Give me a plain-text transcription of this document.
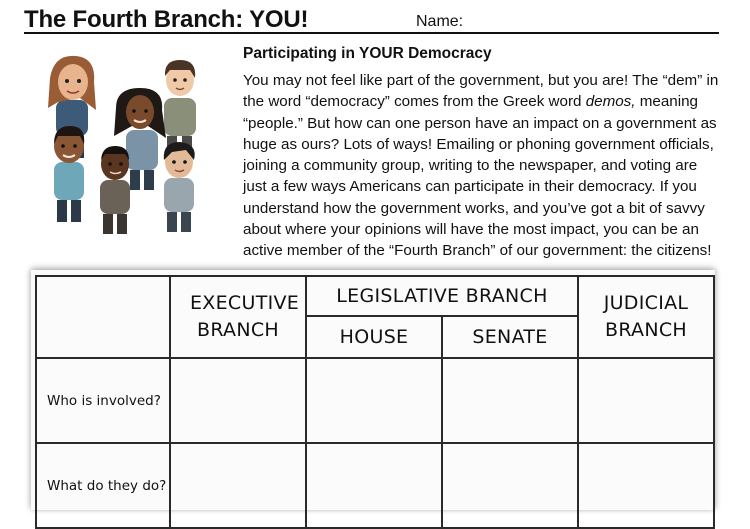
The Fourth Branch: YOU!	Name:
Participating in YOUR Democracy
You may not feel like part of the government, but you are! The “dem” in the word “democracy” comes from the Greek word demos, meaning “people.” But how can one person have an impact on a government as huge as ours? Lots of ways! Emailing or phoning government officials, joining a community group, writing to the newspaper, and voting are just a few ways Americans can participate in their democracy. If you understand how the government works, and you’ve got a bit of savvy about where your opinions will have the most impact, you can be an active member of the “Fourth Branch” of our government: the citizens!

	EXECUTIVE BRANCH	LEGISLATIVE BRANCH		JUDICIAL BRANCH

		HOUSE	SENATE	
Who is involved?				
What do they do?				
